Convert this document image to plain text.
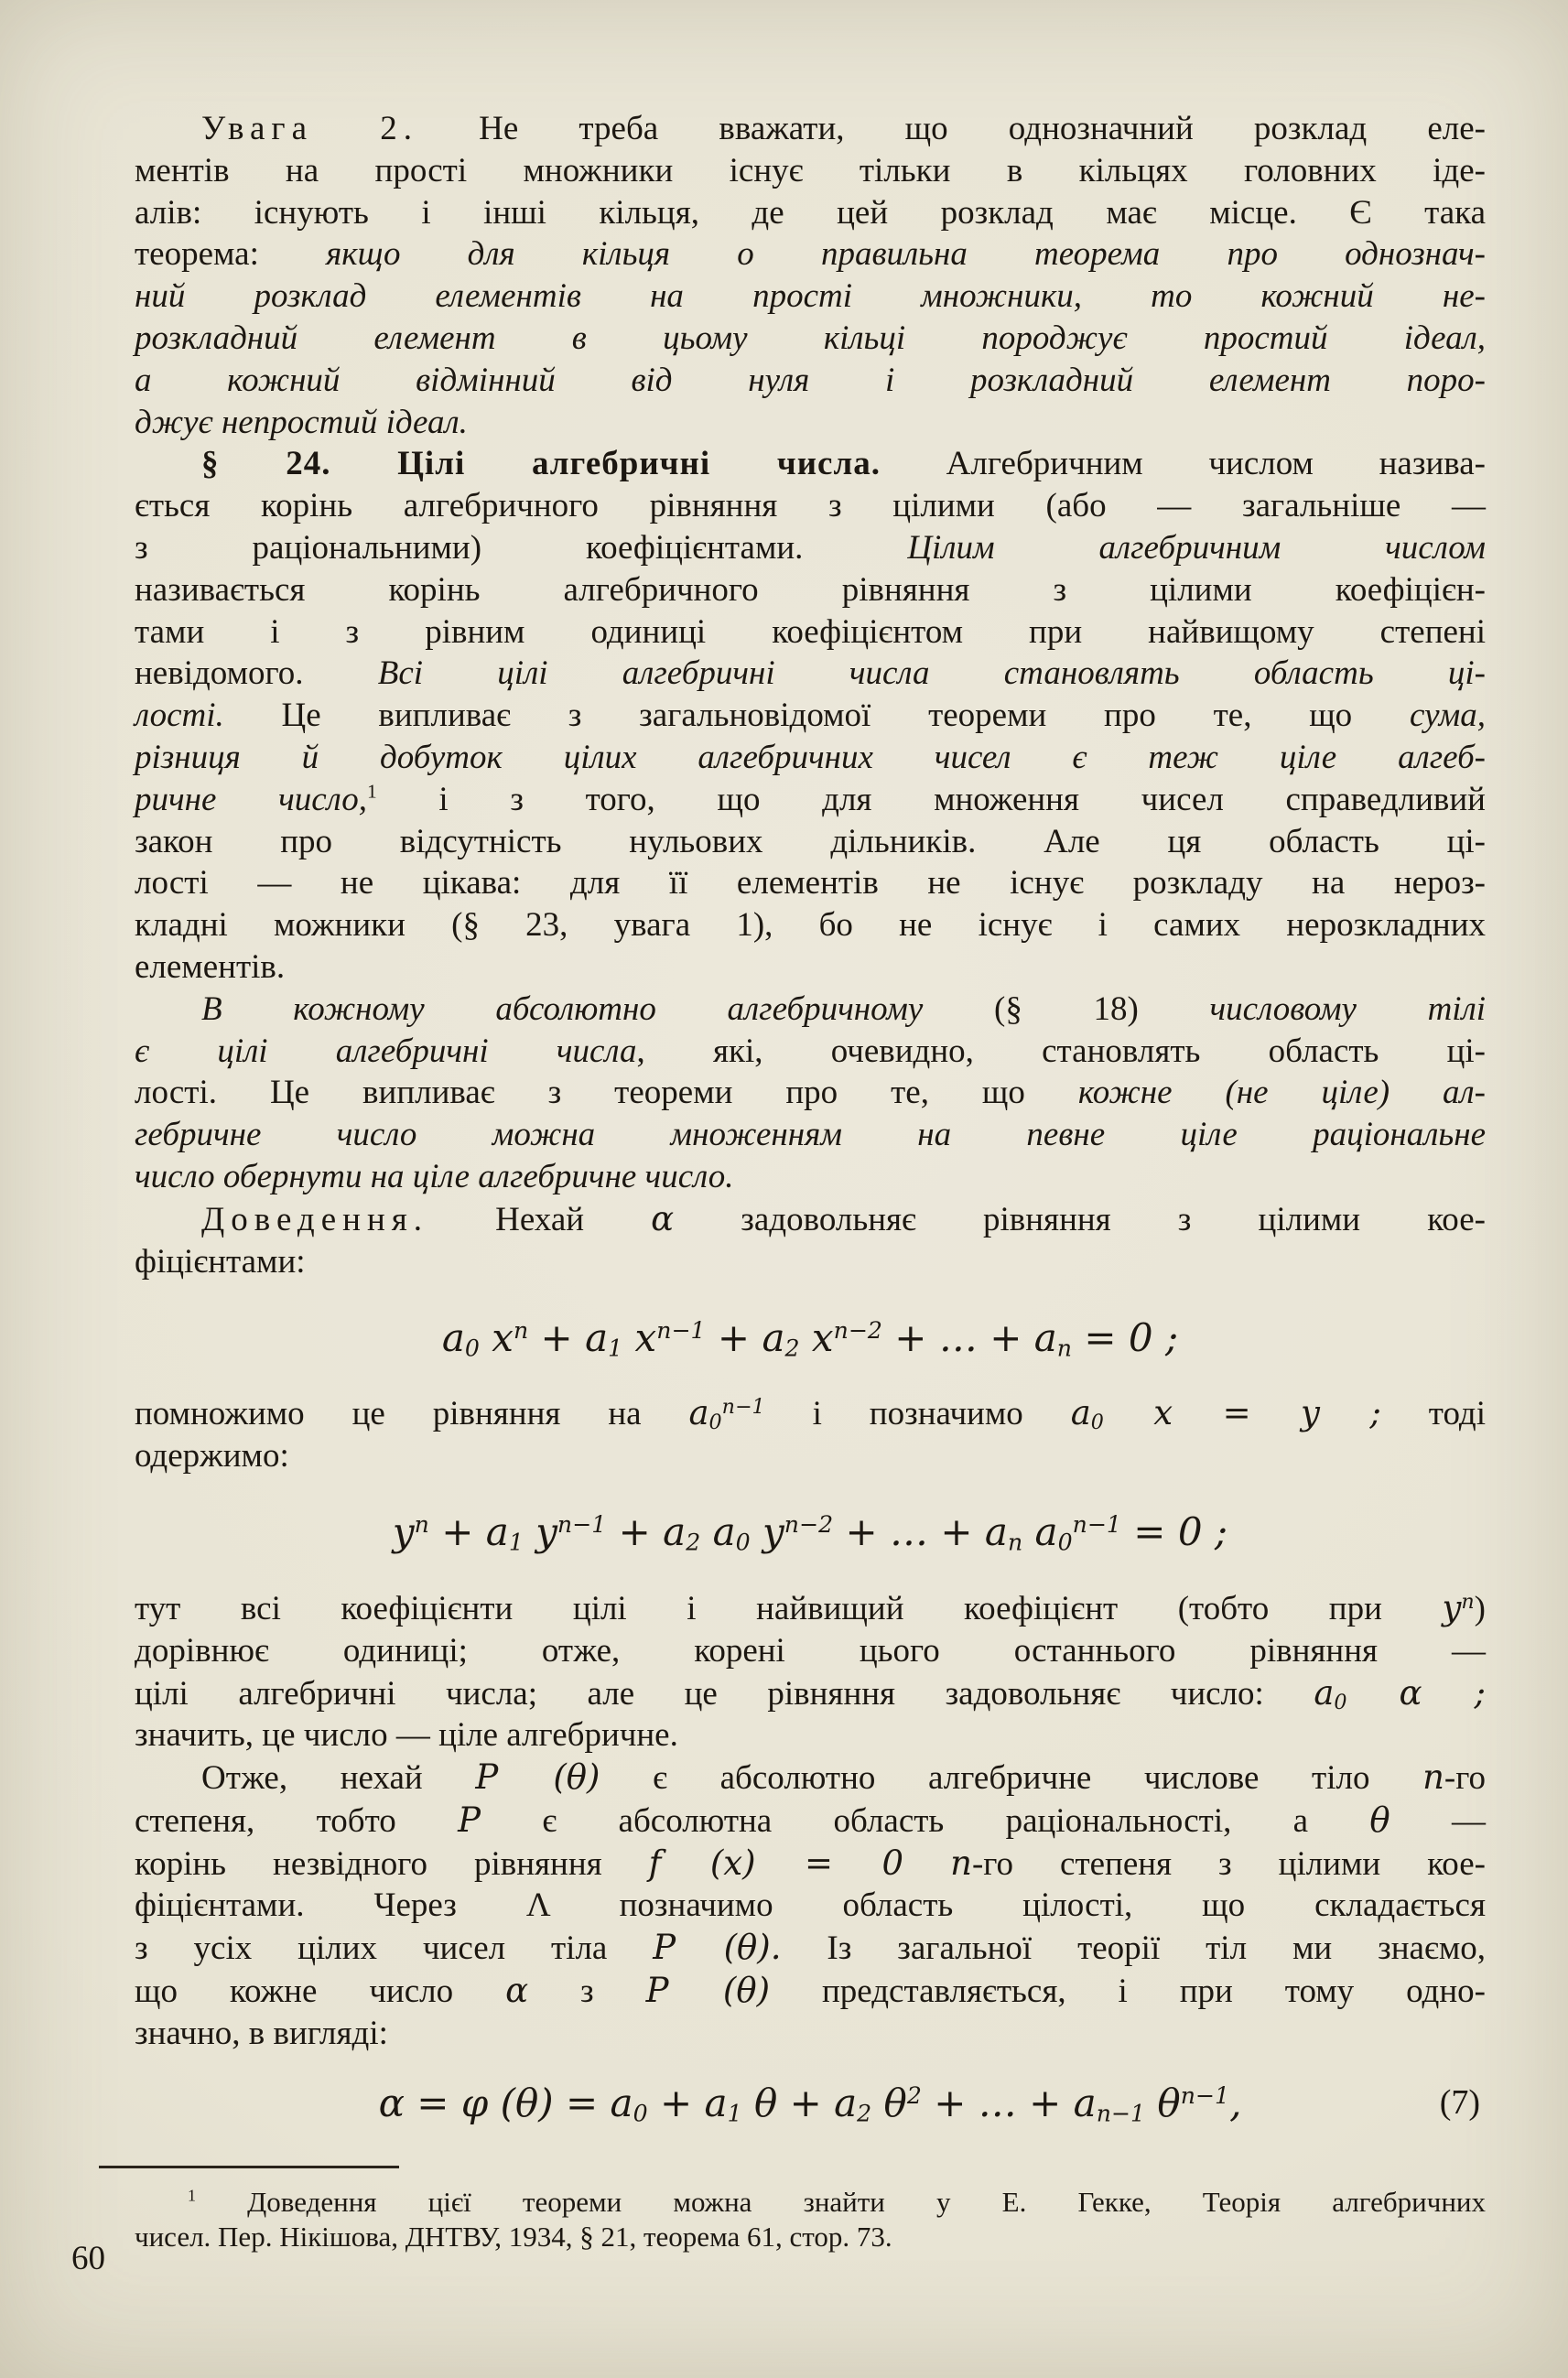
Увага 2. Не треба вважати, що однозначний розклад еле-
ментів на прості множники існує тільки в кільцях головних іде-
алів: існують і інші кільця, де цей розклад має місце. Є така
теорема: якщо для кільця о правильна теорема про однознач-
ний розклад елементів на прості множники, то кожний не-
розкладний елемент в цьому кільці породжує простий ідеал,
а кожний відмінний від нуля і розкладний елемент поро-
джує непростий ідеал.
§ 24. Цілі алгебричні числа. Алгебричним числом назива-
ється корінь алгебричного рівняння з цілими (або — загальніше —
з раціональними) коефіцієнтами. Цілим алгебричним числом
називається корінь алгебричного рівняння з цілими коефіцієн-
тами і з рівним одиниці коефіцієнтом при найвищому степені
невідомого. Всі цілі алгебричні числа становлять область ці-
лості. Це випливає з загальновідомої теореми про те, що сума,
різниця й добуток цілих алгебричних чисел є теж ціле алгеб-
ричне число,$^1$ і з того, що для множення чисел справедливий
закон про відсутність нульових дільників. Але ця область ці-
лості — не цікава: для її елементів не існує розкладу на нероз-
кладні можники (§ 23, увага 1), бо не існує і самих нерозкладних
елементів.
В кожному абсолютно алгебричному (§ 18) числовому тілі
є цілі алгебричні числа, які, очевидно, становлять область ці-
лості. Це випливає з теореми про те, що кожне (не ціле) ал-
гебричне число можна множенням на певне ціле раціональне
число обернути на ціле алгебричне число.
Доведення. Нехай α задовольняє рівняння з цілими кое-
фіцієнтами:
$a_0$ $x^n + a_1$ $x^{n-1} + a_2$ $x^{n-2}$ + … + $a_n = 0$ ;
помножимо це рівняння на $a_0^{n-1}$ і позначимо $a_0$ x = y ; тоді
одержимо:
$y^n + a_1$ $y^{n-1} + a_2$ $a_0$ $y^{n-2}$ + … + $a_n$ $a_0^{n-1} = 0$ ;
тут всі коефіцієнти цілі і найвищий коефіцієнт (тобто при $y^n$)
дорівнює одиниці; отже, корені цього останнього рівняння —
цілі алгебричні числа; але це рівняння задовольняє число: $a_0$ α ;
значить, це число — ціле алгебричне.
Отже, нехай P (θ) є абсолютно алгебричне числове тіло n-го
степеня, тобто P є абсолютна область раціональності, а θ —
корінь незвідного рівняння f (x) = 0 n-го степеня з цілими кое-
фіцієнтами. Через Λ позначимо область цілості, що складається
з усіх цілих чисел тіла P (θ). Із загальної теорії тіл ми знаємо,
що кожне число α з P (θ) представляється, і при тому одно-
значно, в вигляді:
α = φ $(\theta) = a_0 + a_1$ $\theta + a_2$ $\theta^2$ + … + $a_{n-1}$ $\theta^{n-1}$,	(7)
$^1$ Доведення цієї теореми можна знайти у Е. Гекке, Теорія алгебричних
чисел. Пер. Нікішова, ДНТВУ, 1934, § 21, теорема 61, стор. 73.
60
